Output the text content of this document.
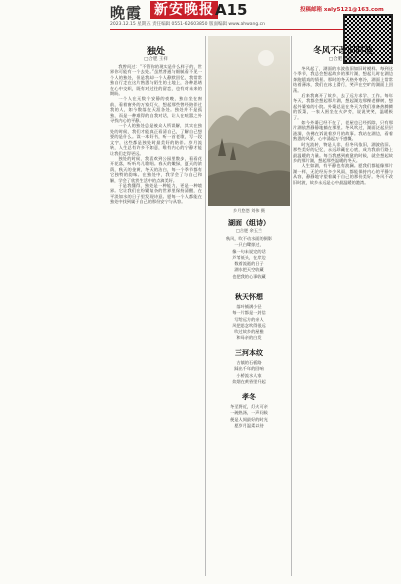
晚霞 新安晚报 A15
2023.12.15 星期五 责任编辑 0551-62603850 版面编辑 www.ahwang.cn
投稿邮箱 xaly5121@163.com
独处
□合肥 王祥

我曾问过：“不管你的现实是什么样子的，世界你可能有一个去处。”虽然普通与细腻看不见一个人的独处，但是我却一个人静默回忆，我常常独自行走在这片熟悉与陌生的土地上，各种思绪在心中交织，既有对过往的留恋，也有对未来的期盼。

一个人在无数个安静的夜晚，独自坐在窗前，看着窗外的万家灯火，想起那些曾经陪伴过我的人，如今散落在天涯各处。独处并不是孤独，而是一种难得的自我对话，让人在喧嚣之外寻找内心的平静。

一个人的独处总是被众人所误解，其实在独处的时候，我们才能真正看清自己，了解自己想要的是什么。读一本好书，听一首老歌，写一段文字，这些都是独处时最美好的陪伴。岁月流转，人生总有许多不如意，唯有内心的宁静才能让我们走得更远。

独处的时候，我喜欢到公园里散步，看看花开花落，听听鸟儿歌唱。春天的嫩绿，夏天的浓荫，秋天的金黄，冬天的洁白，每一个季节都有它独特的韵味。在独处中，我学会了与自己和解，学会了欣赏生活中的点滴美好。

于是我懂得，独处是一种能力，更是一种境界。它让我们在纷繁复杂的世界里保持清醒，在平淡如水的日子里发现诗意。愿每一个人都能在独处中找到属于自己的那份安宁与从容。

乡月悠悠 刘伟 摄
湖面（组诗）
□合肥 余玉兰
秋风，吹不动水面的倒影
一只白鹭掠过，
像一句未说完的话
芦苇低头，在岸边
数着流逝的日子
湖水把天空收藏
也把我的心事收藏
秋天怀想
落叶铺满小径
每一片都是一封信
写给远方的亲人
风把思念吹得很远
吹过故乡的屋檐
和母亲的白发
三河本纹
古镇的石板路
踩出千年的回响
小桥流水人家
炊烟在黄昏里升起
孝冬
冬至将近，灯火可亲
一碗热汤，一声问候
便是人间最好的时光
愿岁月温柔以待
冬风不改旧时波
□合肥 李晓华

冬风起了，湖面的水波依旧如旧时模样。每到这个季节，我总会想起故乡的那片湖，想起儿时在湖边奔跑嬉戏的情景。那时的冬天格外寒冷，湖面上常常结着薄冰，我们在冰上滑行，笑声在空旷的湖面上回荡。

后来我离开了故乡，去了远方求学、工作。每年冬天，我都会想起那片湖，想起湖边那棵老柳树，想起外婆家的小院。外婆总是在冬天为我们准备热腾腾的饭菜，一家人围坐在火炉旁，说说笑笑，温暖极了。

如今外婆已经不在了，老屋也已经拆除，只有那片湖依然静静地躺在那里。冬风吹过，湖面泛起层层涟漪，仿佛在诉说着岁月的故事。我站在湖边，看着熟悉的风景，心中涌起万千感慨。

时光流转，物是人非，但冬风依旧，湖波依旧。那些美好的记忆，永远珍藏在心底，成为我前行路上最温暖的力量。每当我感到疲惫的时候，就会想起故乡的那片湖，想起那些温暖的冬天。

人生如湖，有平静也有波澜。愿我们都能像那片湖一样，无论经历多少风雨，都能保持内心的平静与从容，静静地守望着属于自己的那份美好。冬风不改旧时波，故乡永远是心中最温暖的港湾。
